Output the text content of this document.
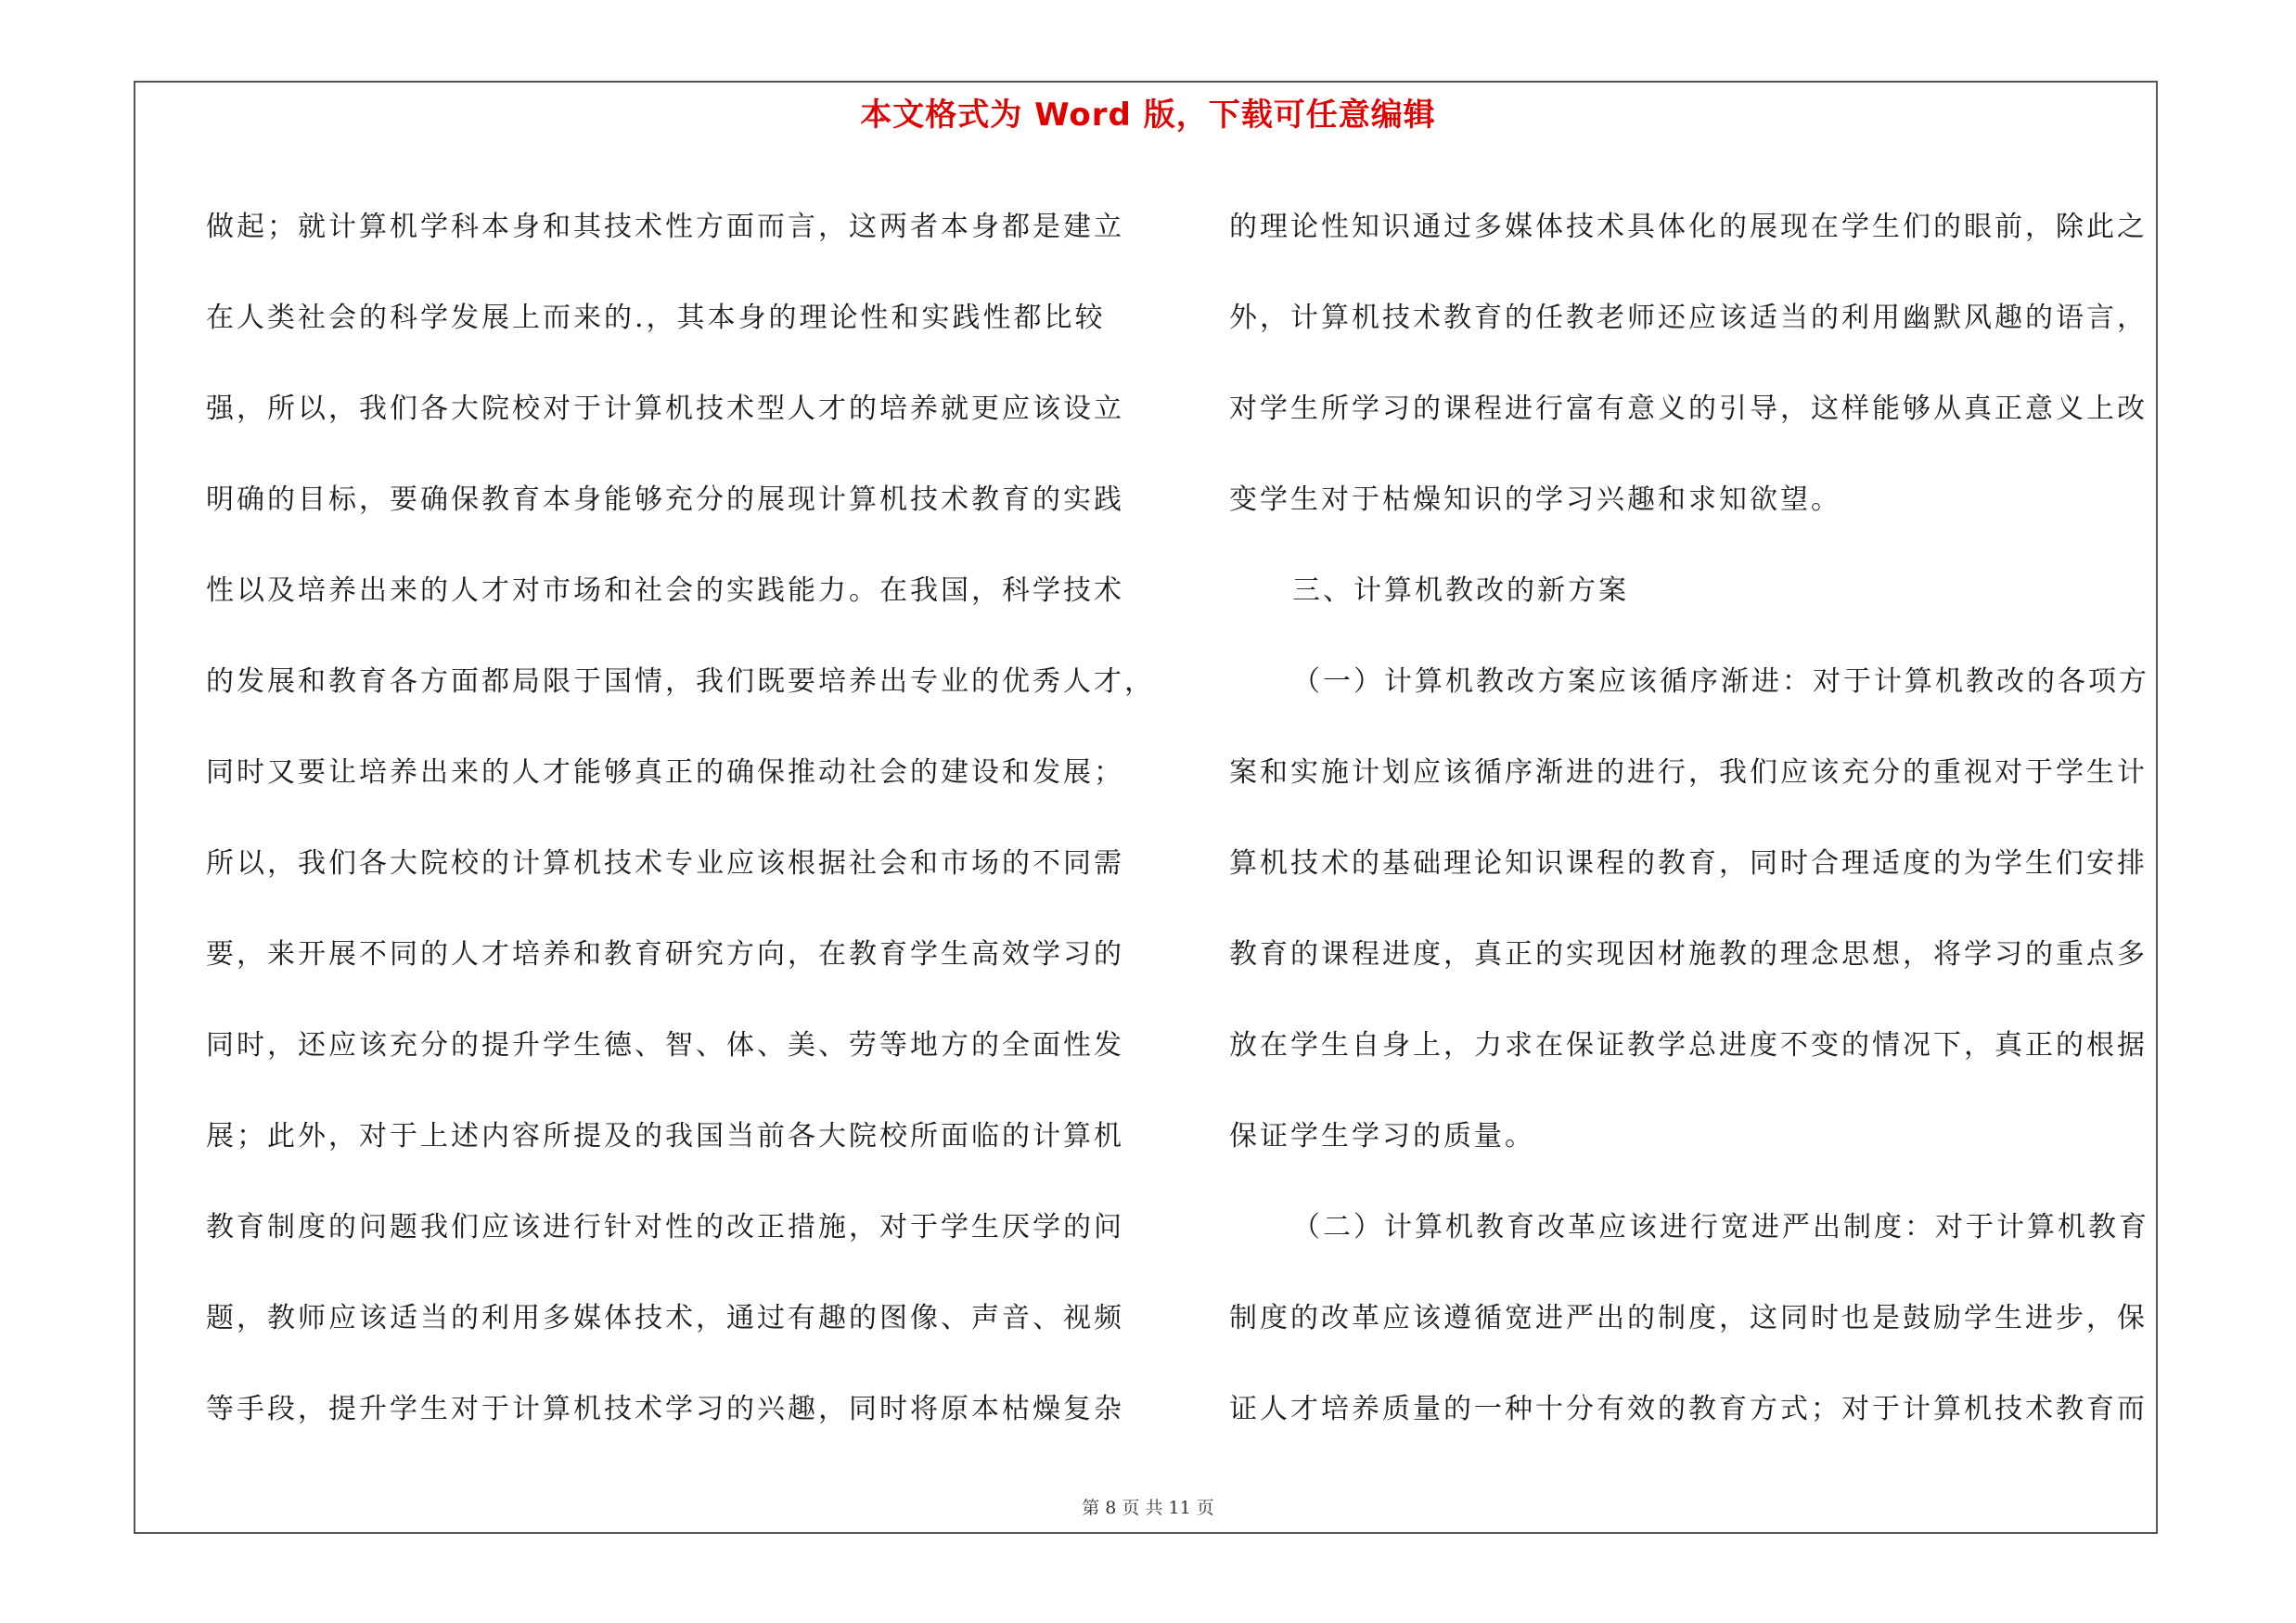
本文格式为 Word 版，下载可任意编辑
做起；就计算机学科本身和其技术性方面而言，这两者本身都是建立
在人类社会的科学发展上而来的.，其本身的理论性和实践性都比较
强，所以，我们各大院校对于计算机技术型人才的培养就更应该设立
明确的目标，要确保教育本身能够充分的展现计算机技术教育的实践
性以及培养出来的人才对市场和社会的实践能力。在我国，科学技术
的发展和教育各方面都局限于国情，我们既要培养出专业的优秀人才，
同时又要让培养出来的人才能够真正的确保推动社会的建设和发展；
所以，我们各大院校的计算机技术专业应该根据社会和市场的不同需
要，来开展不同的人才培养和教育研究方向，在教育学生高效学习的
同时，还应该充分的提升学生德、智、体、美、劳等地方的全面性发
展；此外，对于上述内容所提及的我国当前各大院校所面临的计算机
教育制度的问题我们应该进行针对性的改正措施，对于学生厌学的问
题，教师应该适当的利用多媒体技术，通过有趣的图像、声音、视频
等手段，提升学生对于计算机技术学习的兴趣，同时将原本枯燥复杂
的理论性知识通过多媒体技术具体化的展现在学生们的眼前，除此之
外，计算机技术教育的任教老师还应该适当的利用幽默风趣的语言，
对学生所学习的课程进行富有意义的引导，这样能够从真正意义上改
变学生对于枯燥知识的学习兴趣和求知欲望。
三、计算机教改的新方案
（一）计算机教改方案应该循序渐进：对于计算机教改的各项方
案和实施计划应该循序渐进的进行，我们应该充分的重视对于学生计
算机技术的基础理论知识课程的教育，同时合理适度的为学生们安排
教育的课程进度，真正的实现因材施教的理念思想，将学习的重点多
放在学生自身上，力求在保证教学总进度不变的情况下，真正的根据
保证学生学习的质量。
（二）计算机教育改革应该进行宽进严出制度：对于计算机教育
制度的改革应该遵循宽进严出的制度，这同时也是鼓励学生进步，保
证人才培养质量的一种十分有效的教育方式；对于计算机技术教育而
第 8 页 共 11 页
